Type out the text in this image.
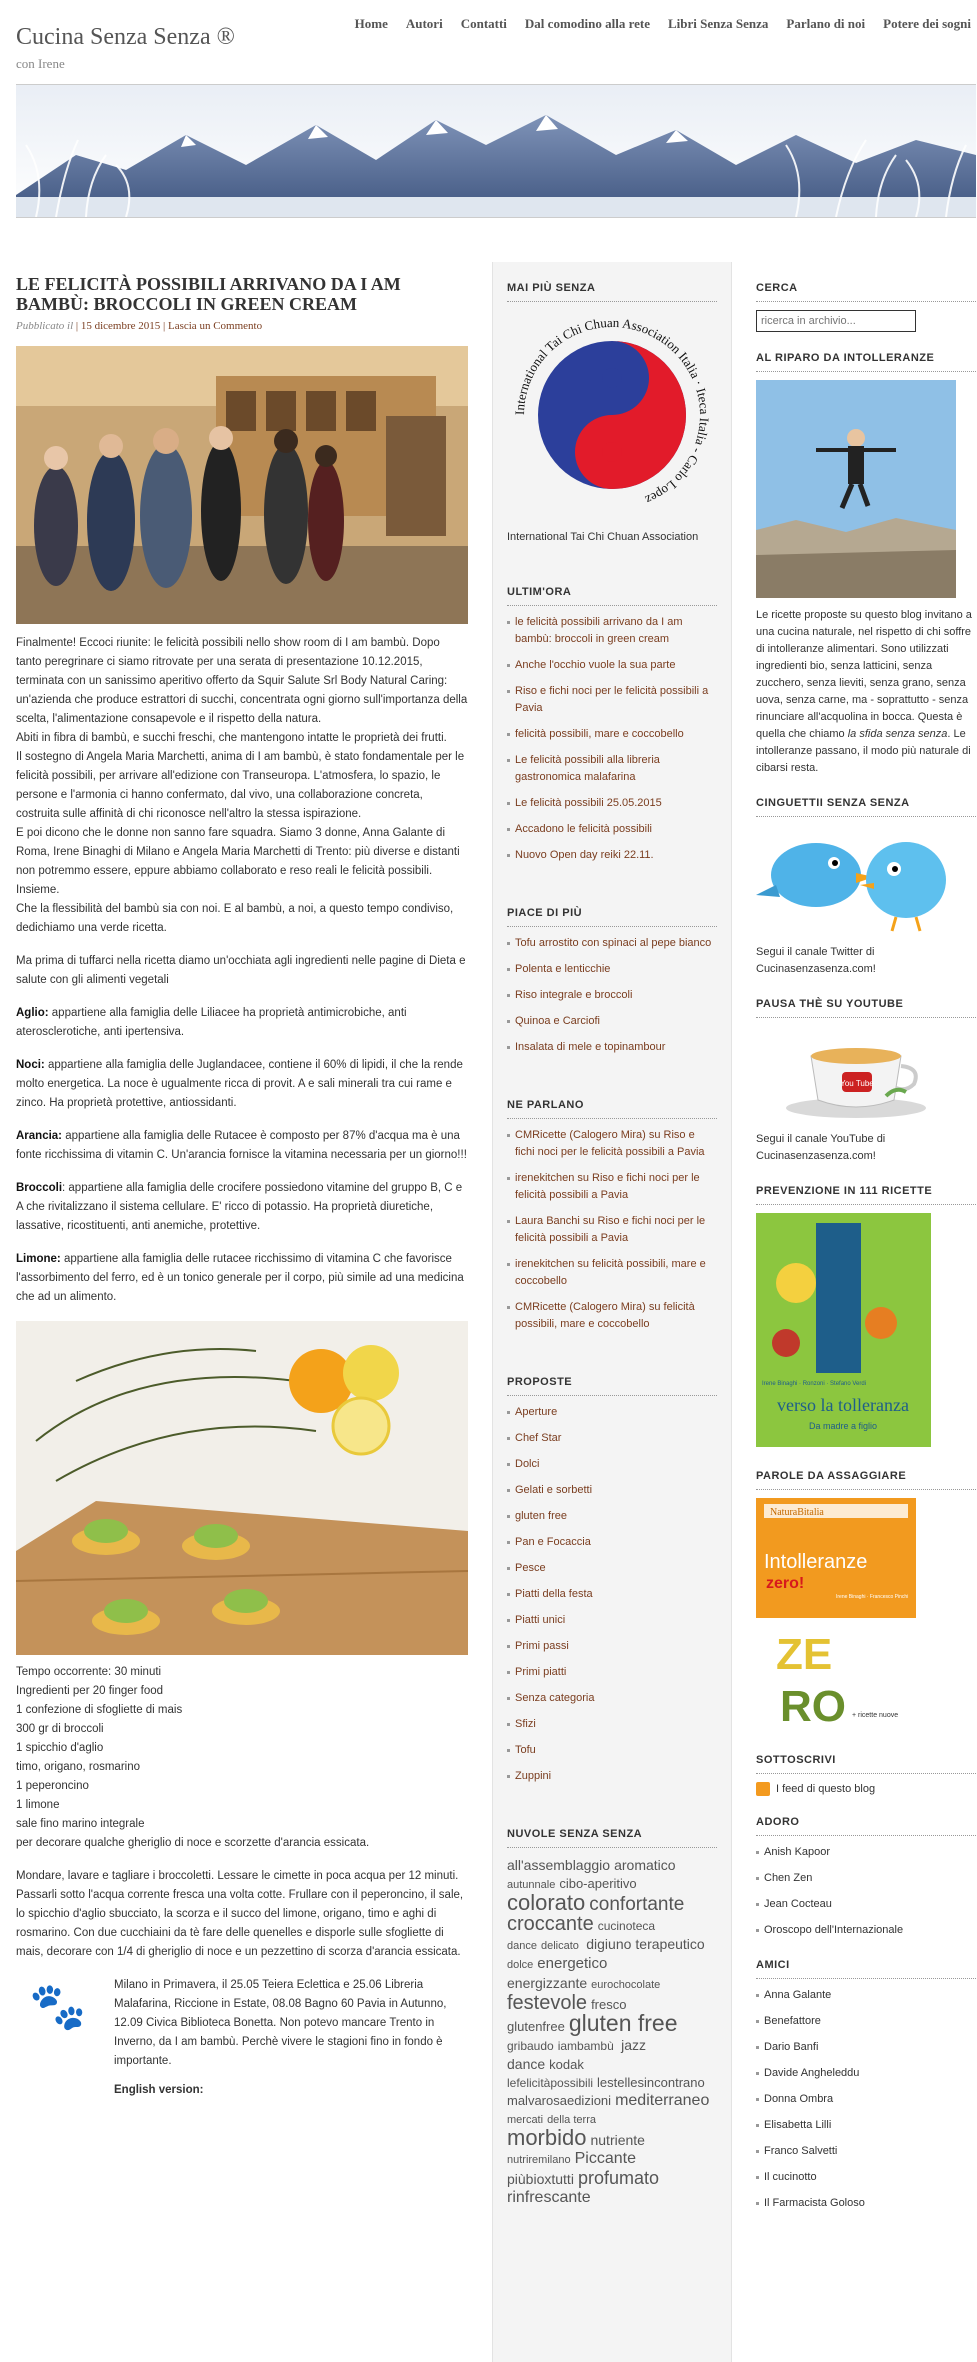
Cucina Senza Senza ®
con Irene
Home Autori Contatti Dal comodino alla rete Libri Senza Senza Parlano di noi Potere dei sogni
LE FELICITÀ POSSIBILI ARRIVANO DA I AM BAMBÙ: BROCCOLI IN GREEN CREAM
Pubblicato il | 15 dicembre 2015 | Lascia un Commento

Finalmente! Eccoci riunite: le felicità possibili nello show room di I am bambù. Dopo tanto peregrinare ci siamo ritrovate per una serata di presentazione 10.12.2015, terminata con un sanissimo aperitivo offerto da Squir Salute Srl Body Natural Caring: un'azienda che produce estrattori di succhi, concentrata ogni giorno sull'importanza della scelta, l'alimentazione consapevole e il rispetto della natura.
Abiti in fibra di bambù, e succhi freschi, che mantengono intatte le proprietà dei frutti.
Il sostegno di Angela Maria Marchetti, anima di I am bambù, è stato fondamentale per le felicità possibili, per arrivare all'edizione con Transeuropa. L'atmosfera, lo spazio, le persone e l'armonia ci hanno confermato, dal vivo, una collaborazione concreta, costruita sulle affinità di chi riconosce nell'altro la stessa ispirazione.
E poi dicono che le donne non sanno fare squadra. Siamo 3 donne, Anna Galante di Roma, Irene Binaghi di Milano e Angela Maria Marchetti di Trento: più diverse e distanti non potremmo essere, eppure abbiamo collaborato e reso reali le felicità possibili. Insieme.
Che la flessibilità del bambù sia con noi. E al bambù, a noi, a questo tempo condiviso, dedichiamo una verde ricetta.

Ma prima di tuffarci nella ricetta diamo un'occhiata agli ingredienti nelle pagine di Dieta e salute con gli alimenti vegetali

Aglio: appartiene alla famiglia delle Liliacee ha proprietà antimicrobiche, anti aterosclerotiche, anti ipertensiva.

Noci: appartiene alla famiglia delle Juglandacee, contiene il 60% di lipidi, il che la rende molto energetica. La noce è ugualmente ricca di provit. A e sali minerali tra cui rame e zinco. Ha proprietà protettive, antiossidanti.

Arancia: appartiene alla famiglia delle Rutacee è composto per 87% d'acqua ma è una fonte ricchissima di vitamin C. Un'arancia fornisce la vitamina necessaria per un giorno!!!

Broccoli: appartiene alla famiglia delle crocifere possiedono vitamine del gruppo B, C e A che rivitalizzano il sistema cellulare. E' ricco di potassio. Ha proprietà diuretiche, lassative, ricostituenti, anti anemiche, protettive.

Limone: appartiene alla famiglia delle rutacee ricchissimo di vitamina C che favorisce l'assorbimento del ferro, ed è un tonico generale per il corpo, più simile ad una medicina che ad un alimento.

Tempo occorrente: 30 minuti
Ingredienti per 20 finger food
1 confezione di sfogliette di mais
300 gr di broccoli
1 spicchio d'aglio
timo, origano, rosmarino
1 peperoncino
1 limone
sale fino marino integrale
per decorare qualche gheriglio di noce e scorzette d'arancia essicata.

Mondare, lavare e tagliare i broccoletti. Lessare le cimette in poca acqua per 12 minuti. Passarli sotto l'acqua corrente fresca una volta cotte. Frullare con il peperoncino, il sale, lo spicchio d'aglio sbucciato, la scorza e il succo del limone, origano, timo e aghi di rosmarino. Con due cucchiaini da tè fare delle quenelles e disporle sulle sfogliette di mais, decorare con 1/4 di gheriglio di noce e un pezzettino di scorza d'arancia essicata.

🐾	Milano in Primavera, il 25.05 Teiera Eclettica e 25.06 Libreria Malafarina, Riccione in Estate, 08.08 Bagno 60 Pavia in Autunno, 12.09 Civica Biblioteca Bonetta. Non potevo mancare Trento in Inverno, da I am bambù. Perchè vivere le stagioni fino in fondo è importante.
English version:
MAI PIÙ SENZA
International Tai Chi Chuan Association Italia · Iteca Italia - Carlo Lopez

International Tai Chi Chuan Association

ULTIM'ORA
le felicità possibili arrivano da I am bambù: broccoli in green cream
Anche l'occhio vuole la sua parte
Riso e fichi noci per le felicità possibili a Pavia
felicità possibili, mare e coccobello
Le felicità possibili alla libreria gastronomica malafarina
Le felicità possibili 25.05.2015
Accadono le felicità possibili
Nuovo Open day reiki 22.11.
PIACE DI PIÙ
Tofu arrostito con spinaci al pepe bianco
Polenta e lenticchie
Riso integrale e broccoli
Quinoa e Carciofi
Insalata di mele e topinambour
NE PARLANO
CMRicette (Calogero Mira) su Riso e fichi noci per le felicità possibili a Pavia
irenekitchen su Riso e fichi noci per le felicità possibili a Pavia
Laura Banchi su Riso e fichi noci per le felicità possibili a Pavia
irenekitchen su felicità possibili, mare e coccobello
CMRicette (Calogero Mira) su felicità possibili, mare e coccobello
PROPOSTE
Aperture
Chef Star
Dolci
Gelati e sorbetti
gluten free
Pan e Focaccia
Pesce
Piatti della festa
Piatti unici
Primi passi
Primi piatti
Senza categoria
Sfizi
Tofu
Zuppini
NUVOLE SENZA SENZA
all'assemblaggio aromatico autunnale cibo-aperitivo colorato confortante croccante cucinoteca dance delicato digiuno terapeutico dolce energetico energizzante eurochocolate festevole fresco glutenfree gluten free gribaudo iambambù jazz dance kodak lefelicitàpossibili lestellesincontrano malvarosaedizioni mediterraneo mercati della terra morbido nutriente nutriremilano Piccante piùbioxtutti profumato rinfrescante
CERCA
ricerca in archivio...
AL RIPARO DA INTOLLERANZE

Le ricette proposte su questo blog invitano a una cucina naturale, nel rispetto di chi soffre di intolleranze alimentari. Sono utilizzati ingredienti bio, senza latticini, senza zucchero, senza lieviti, senza grano, senza uova, senza carne, ma - soprattutto - senza rinunciare all'acquolina in bocca. Questa è quella che chiamo la sfida senza senza. Le intolleranze passano, il modo più naturale di cibarsi resta.

CINGUETTII SENZA SENZA

Segui il canale Twitter di Cucinasenzasenza.com!

PAUSA THÈ SU YOUTUBE
You Tube

Segui il canale YouTube di Cucinasenzasenza.com!

PREVENZIONE IN 111 RICETTE
Irene Binaghi · Ronzoni · Stefano Verdi
verso la tolleranza
Da madre a figlio
PAROLE DA ASSAGGIARE
NaturaBitalia
Intolleranze
zero!
Irene Binaghi · Francesco Pinchi

ZE
RO + ricette nuove
SOTTOSCRIVI
I feed di questo blog
ADORO
Anish Kapoor
Chen Zen
Jean Cocteau
Oroscopo dell'Internazionale
AMICI
Anna Galante
Benefattore
Dario Banfi
Davide Angheleddu
Donna Ombra
Elisabetta Lilli
Franco Salvetti
Il cucinotto
Il Farmacista Goloso
